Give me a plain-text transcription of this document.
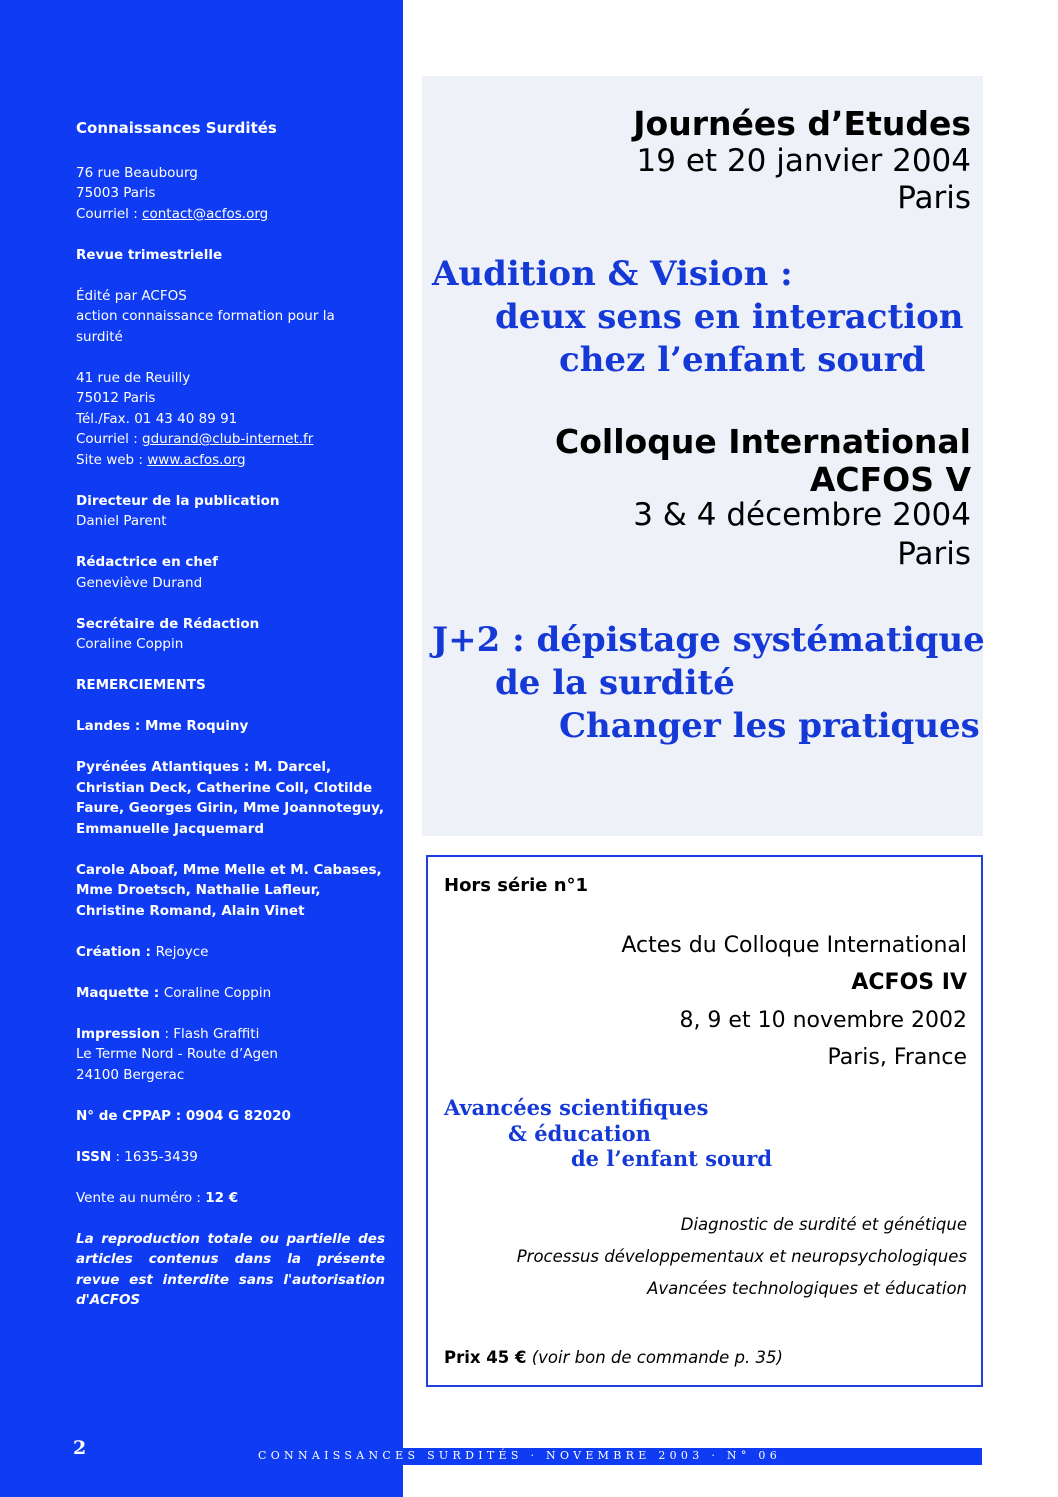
Connaissances Surdités

76 rue Beaubourg
75003 Paris
Courriel : contact@acfos.org

Revue trimestrielle

Édité par ACFOS
action connaissance formation pour la surdité

41 rue de Reuilly
75012 Paris
Tél./Fax. 01 43 40 89 91
Courriel : gdurand@club-internet.fr
Site web : www.acfos.org

Directeur de la publication
Daniel Parent

Rédactrice en chef
Geneviève Durand

Secrétaire de Rédaction
Coraline Coppin

REMERCIEMENTS

Landes : Mme Roquiny

Pyrénées Atlantiques : M. Darcel, Christian Deck, Catherine Coll, Clotilde Faure, Georges Girin, Mme Joannoteguy, Emmanuelle Jacquemard

Carole Aboaf, Mme Melle et M. Cabases, Mme Droetsch, Nathalie Lafleur, Christine Romand, Alain Vinet

Création : Rejoyce

Maquette : Coraline Coppin

Impression : Flash Graffiti
Le Terme Nord - Route d’Agen
24100 Bergerac

N° de CPPAP : 0904 G 82020

ISSN : 1635-3439

Vente au numéro : 12 €

La reproduction totale ou partielle des articles contenus dans la présente revue est interdite sans l'autorisation d'ACFOS

2	CONNAISSANCES SURDITÉS · NOVEMBRE 2003 · N° 06
Journées d’Etudes
19 et 20 janvier 2004
Paris
Audition & Vision :
deux sens en interaction
chez l’enfant sourd
Colloque International
ACFOS V
3 & 4 décembre 2004
Paris
J+2 : dépistage systématique
de la surdité
Changer les pratiques
Hors série n°1
Actes du Colloque International
ACFOS IV
8, 9 et 10 novembre 2002
Paris, France
Avancées scientifiques
& éducation
de l’enfant sourd
Diagnostic de surdité et génétique
Processus développementaux et neuropsychologiques
Avancées technologiques et éducation
Prix 45 € (voir bon de commande p. 35)
